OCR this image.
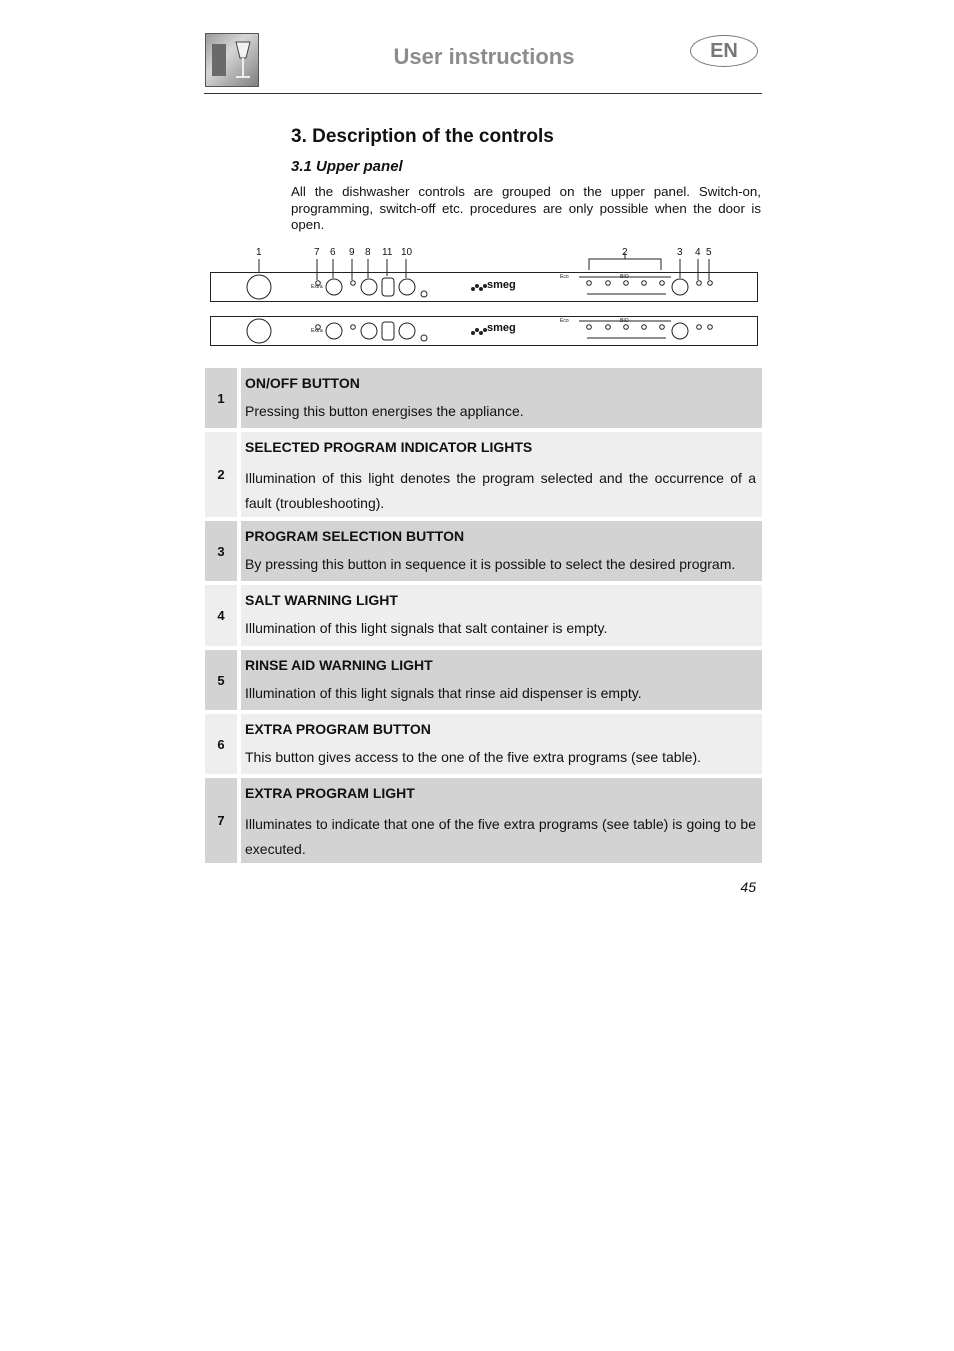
User instructions	EN
3. Description of the controls
3.1 Upper panel
All the dishwasher controls are grouped on the upper panel. Switch-on, programming, switch-off etc. procedures are only possible when the door is open.
1	7 6 9 8 11 10	2	3 4 5
smeg
Extra
Eco	BIO
smeg
Extra
Eco	BIO
1
ON/OFF BUTTON
Pressing this button energises the appliance.
2
SELECTED PROGRAM INDICATOR LIGHTS
Illumination of this light denotes the program selected and the occurrence of a fault (troubleshooting).
3
PROGRAM SELECTION BUTTON
By pressing this button in sequence it is possible to select the desired program.
4
SALT WARNING LIGHT
Illumination of this light signals that salt container is empty.
5
RINSE AID WARNING LIGHT
Illumination of this light signals that rinse aid dispenser is empty.
6
EXTRA PROGRAM BUTTON
This button gives access to the one of the five extra programs (see table).
7
EXTRA PROGRAM LIGHT
Illuminates to indicate that one of the five extra programs (see table) is going to be executed.
45
